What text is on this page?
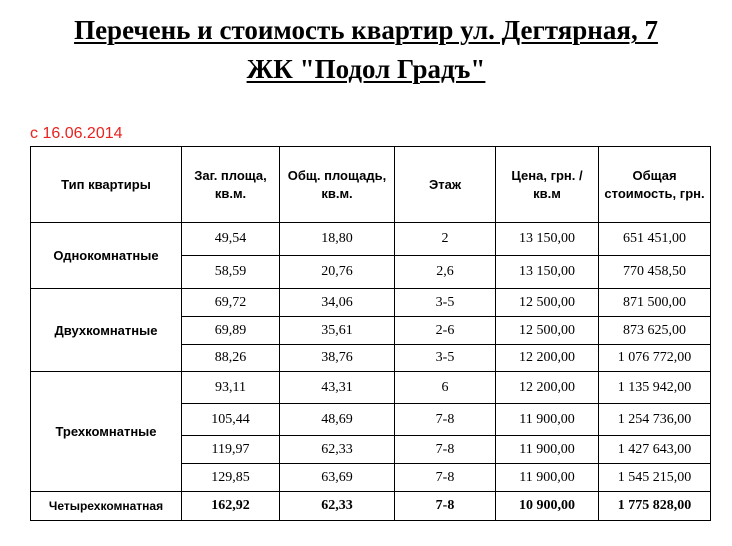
Перечень и стоимость квартир ул. Дегтярная, 7
ЖК "Подол Градъ"
с 16.06.2014
Тип квартиры	Заг. площа, кв.м.	Общ. площадь, кв.м.	Этаж	Цена, грн. / кв.м	Общая стоимость, грн.
Однокомнатные	49,54	18,80	2	13 150,00	651 451,00
	58,59	20,76	2,6	13 150,00	770 458,50
Двухкомнатные	69,72	34,06	3-5	12 500,00	871 500,00
	69,89	35,61	2-6	12 500,00	873 625,00
	88,26	38,76	3-5	12 200,00	1 076 772,00
Трехкомнатные	93,11	43,31	6	12 200,00	1 135 942,00
	105,44	48,69	7-8	11 900,00	1 254 736,00
	119,97	62,33	7-8	11 900,00	1 427 643,00
	129,85	63,69	7-8	11 900,00	1 545 215,00
Четырехкомнатная	162,92	62,33	7-8	10 900,00	1 775 828,00
